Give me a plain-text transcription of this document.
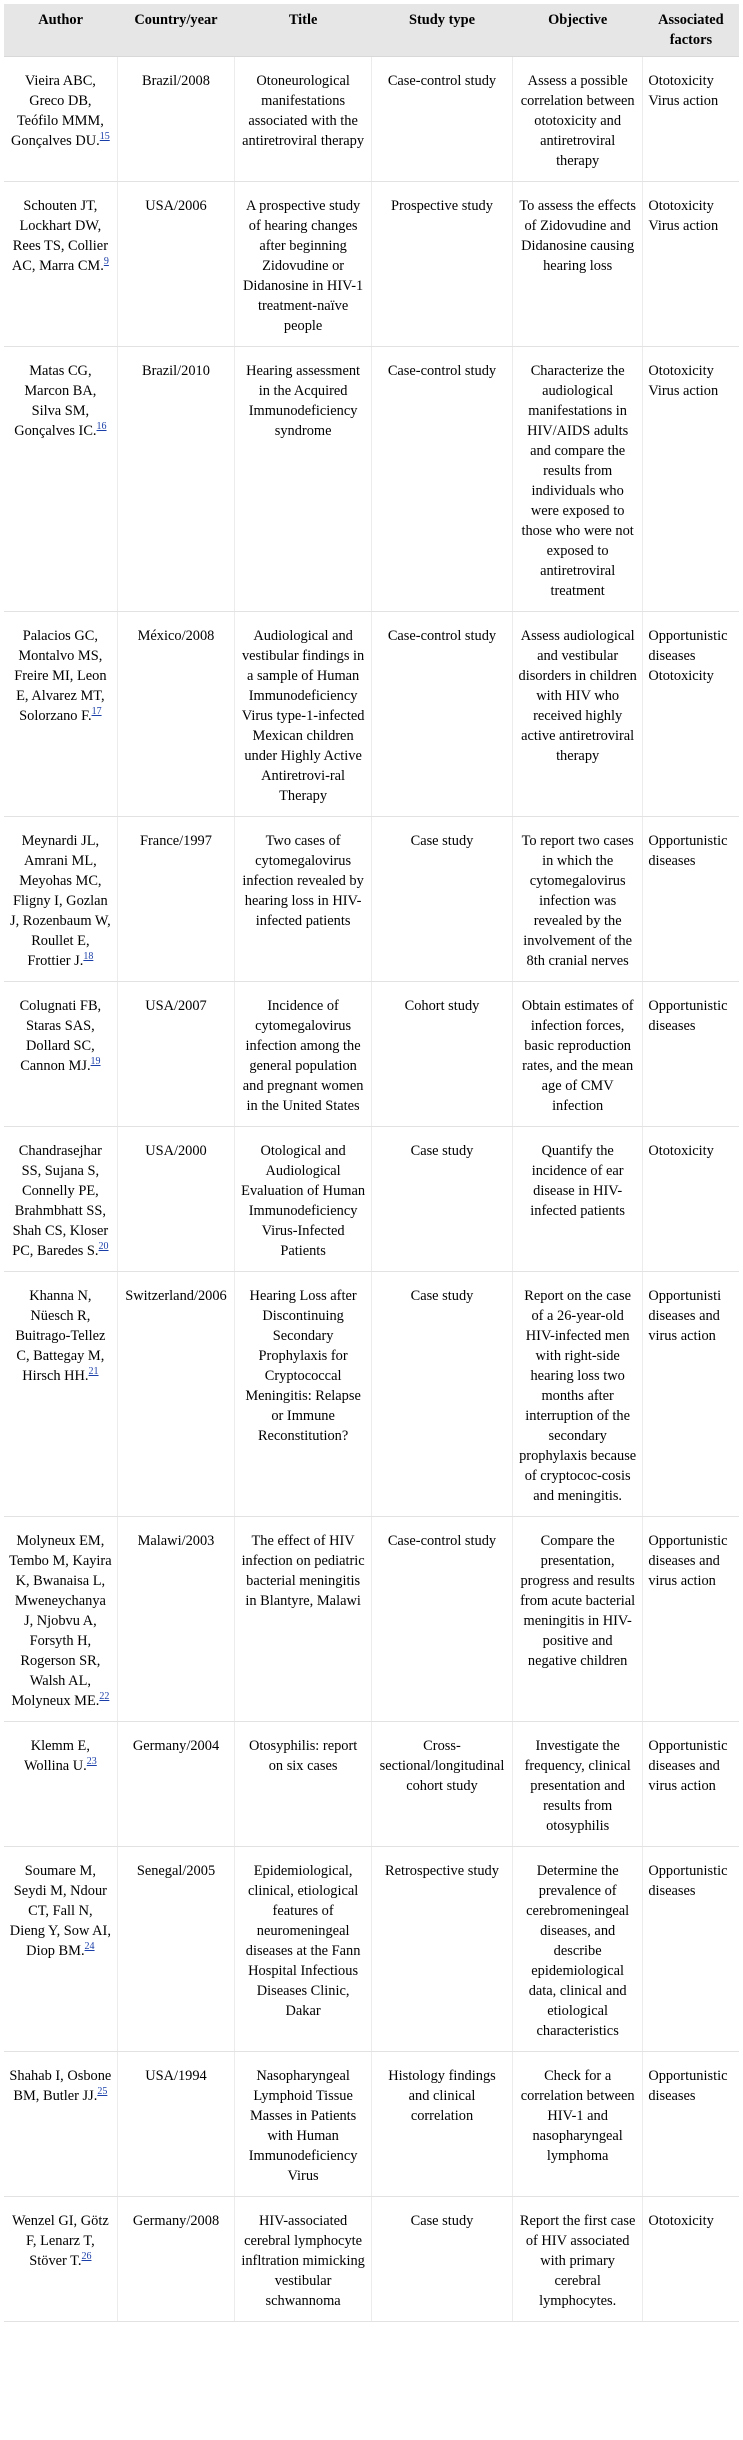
Author	Country/year	Title	Study type	Objective	Associated factors
Vieira ABC, Greco DB, Teófilo MMM, Gonçalves DU.$^{15}$	Brazil/2008	Otoneurological manifestations associated with the antiretroviral therapy	Case-control study	Assess a possible correlation between ototoxicity and antiretroviral therapy	Ototoxicity Virus action
Schouten JT, Lockhart DW, Rees TS, Collier AC, Marra CM.$^9$	USA/2006	A prospective study of hearing changes after beginning Zidovudine or Didanosine in HIV-1 treatment-naïve people	Prospective study	To assess the effects of Zidovudine and Didanosine causing hearing loss	Ototoxicity Virus action
Matas CG, Marcon BA, Silva SM, Gonçalves IC.$^{16}$	Brazil/2010	Hearing assessment in the Acquired Immunodeficiency syndrome	Case-control study	Characterize the audiological manifestations in HIV/AIDS adults and compare the results from individuals who were exposed to those who were not exposed to antiretroviral treatment	Ototoxicity Virus action
Palacios GC, Montalvo MS, Freire MI, Leon E, Alvarez MT, Solorzano F.$^{17}$	México/2008	Audiological and vestibular findings in a sample of Human Immunodeficiency Virus type-1-infected Mexican children under Highly Active Antiretrovi-ral Therapy	Case-control study	Assess audiological and vestibular disorders in children with HIV who received highly active antiretroviral therapy	Opportunistic diseases Ototoxicity
Meynardi JL, Amrani ML, Meyohas MC, Fligny I, Gozlan J, Rozenbaum W, Roullet E, Frottier J.$^{18}$	France/1997	Two cases of cytomegalovirus infection revealed by hearing loss in HIV-infected patients	Case study	To report two cases in which the cytomegalovirus infection was revealed by the involvement of the 8th cranial nerves	Opportunistic diseases
Colugnati FB, Staras SAS, Dollard SC, Cannon MJ.$^{19}$	USA/2007	Incidence of cytomegalovirus infection among the general population and pregnant women in the United States	Cohort study	Obtain estimates of infection forces, basic reproduction rates, and the mean age of CMV infection	Opportunistic diseases
Chandrasejhar SS, Sujana S, Connelly PE, Brahmbhatt SS, Shah CS, Kloser PC, Baredes S.$^{20}$	USA/2000	Otological and Audiological Evaluation of Human Immunodeficiency Virus-Infected Patients	Case study	Quantify the incidence of ear disease in HIV-infected patients	Ototoxicity
Khanna N, Nüesch R, Buitrago-Tellez C, Battegay M, Hirsch HH.$^{21}$	Switzerland/2006	Hearing Loss after Discontinuing Secondary Prophylaxis for Cryptococcal Meningitis: Relapse or Immune Reconstitution?	Case study	Report on the case of a 26-year-old HIV-infected men with right-side hearing loss two months after interruption of the secondary prophylaxis because of cryptococ-cosis and meningitis.	Opportunisti diseases and virus action
Molyneux EM, Tembo M, Kayira K, Bwanaisa L, Mweneychanya J, Njobvu A, Forsyth H, Rogerson SR, Walsh AL, Molyneux ME.$^{22}$	Malawi/2003	The effect of HIV infection on pediatric bacterial meningitis in Blantyre, Malawi	Case-control study	Compare the presentation, progress and results from acute bacterial meningitis in HIV-positive and negative children	Opportunistic diseases and virus action
Klemm E, Wollina U.$^{23}$	Germany/2004	Otosyphilis: report on six cases	Cross-sectional/longitudinal cohort study	Investigate the frequency, clinical presentation and results from otosyphilis	Opportunistic diseases and virus action
Soumare M, Seydi M, Ndour CT, Fall N, Dieng Y, Sow AI, Diop BM.$^{24}$	Senegal/2005	Epidemiological, clinical, etiological features of neuromeningeal diseases at the Fann Hospital Infectious Diseases Clinic, Dakar	Retrospective study	Determine the prevalence of cerebromeningeal diseases, and describe epidemiological data, clinical and etiological characteristics	Opportunistic diseases
Shahab I, Osbone BM, Butler JJ.$^{25}$	USA/1994	Nasopharyngeal Lymphoid Tissue Masses in Patients with Human Immunodeficiency Virus	Histology findings and clinical correlation	Check for a correlation between HIV-1 and nasopharyngeal lymphoma	Opportunistic diseases
Wenzel GI, Götz F, Lenarz T, Stöver T.$^{26}$	Germany/2008	HIV-associated cerebral lymphocyte infltration mimicking vestibular schwannoma	Case study	Report the first case of HIV associated with primary cerebral lymphocytes.	Ototoxicity
